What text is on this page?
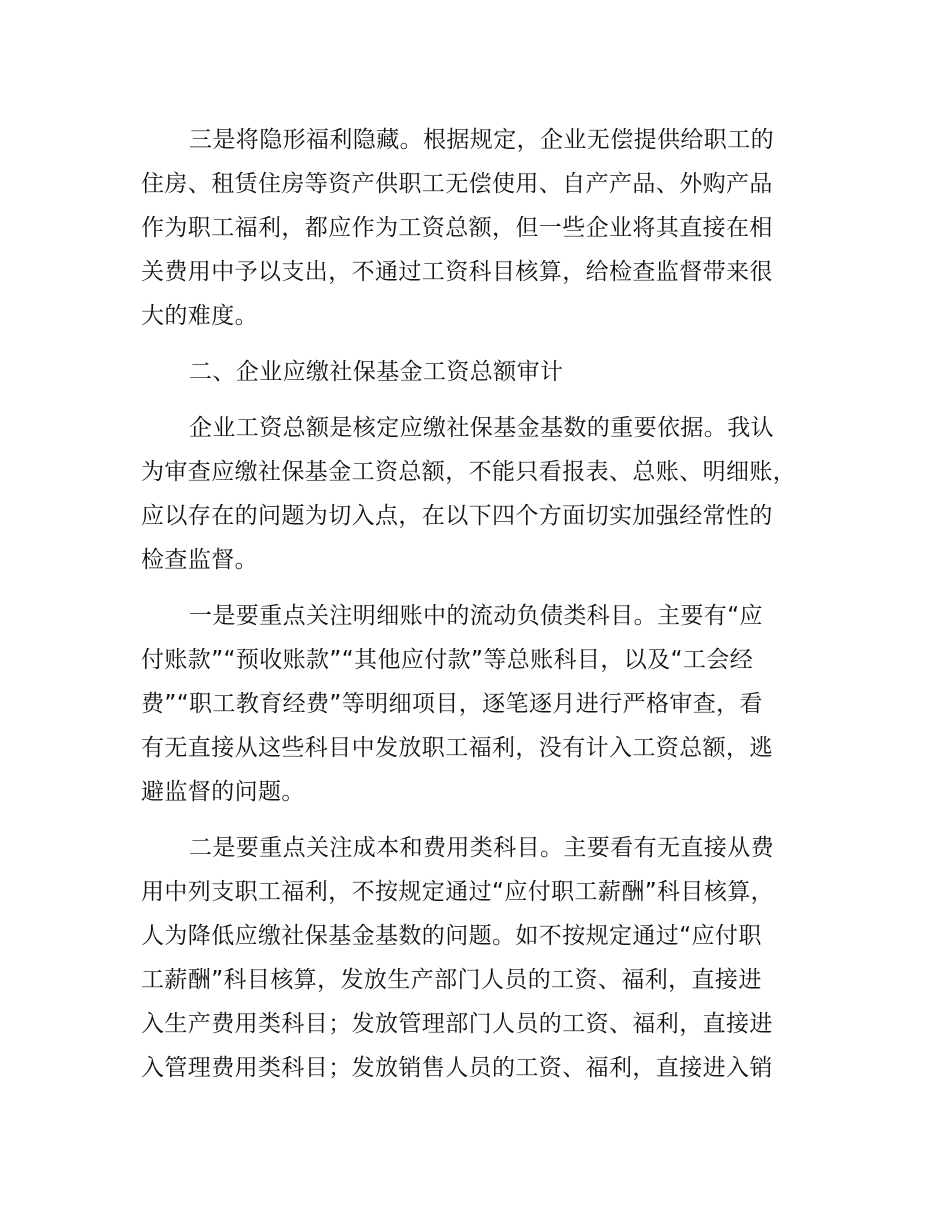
三是将隐形福利隐藏。根据规定，企业无偿提供给职工的
住房、租赁住房等资产供职工无偿使用、自产产品、外购产品
作为职工福利，都应作为工资总额，但一些企业将其直接在相
关费用中予以支出，不通过工资科目核算，给检查监督带来很
大的难度。
二、企业应缴社保基金工资总额审计
企业工资总额是核定应缴社保基金基数的重要依据。我认
为审查应缴社保基金工资总额，不能只看报表、总账、明细账，
应以存在的问题为切入点，在以下四个方面切实加强经常性的
检查监督。
一是要重点关注明细账中的流动负债类科目。主要有“应
付账款”“预收账款”“其他应付款”等总账科目，以及“工会经
费”“职工教育经费”等明细项目，逐笔逐月进行严格审查，看
有无直接从这些科目中发放职工福利，没有计入工资总额，逃
避监督的问题。
二是要重点关注成本和费用类科目。主要看有无直接从费
用中列支职工福利，不按规定通过“应付职工薪酬”科目核算，
人为降低应缴社保基金基数的问题。如不按规定通过“应付职
工薪酬”科目核算，发放生产部门人员的工资、福利，直接进
入生产费用类科目；发放管理部门人员的工资、福利，直接进
入管理费用类科目；发放销售人员的工资、福利，直接进入销
